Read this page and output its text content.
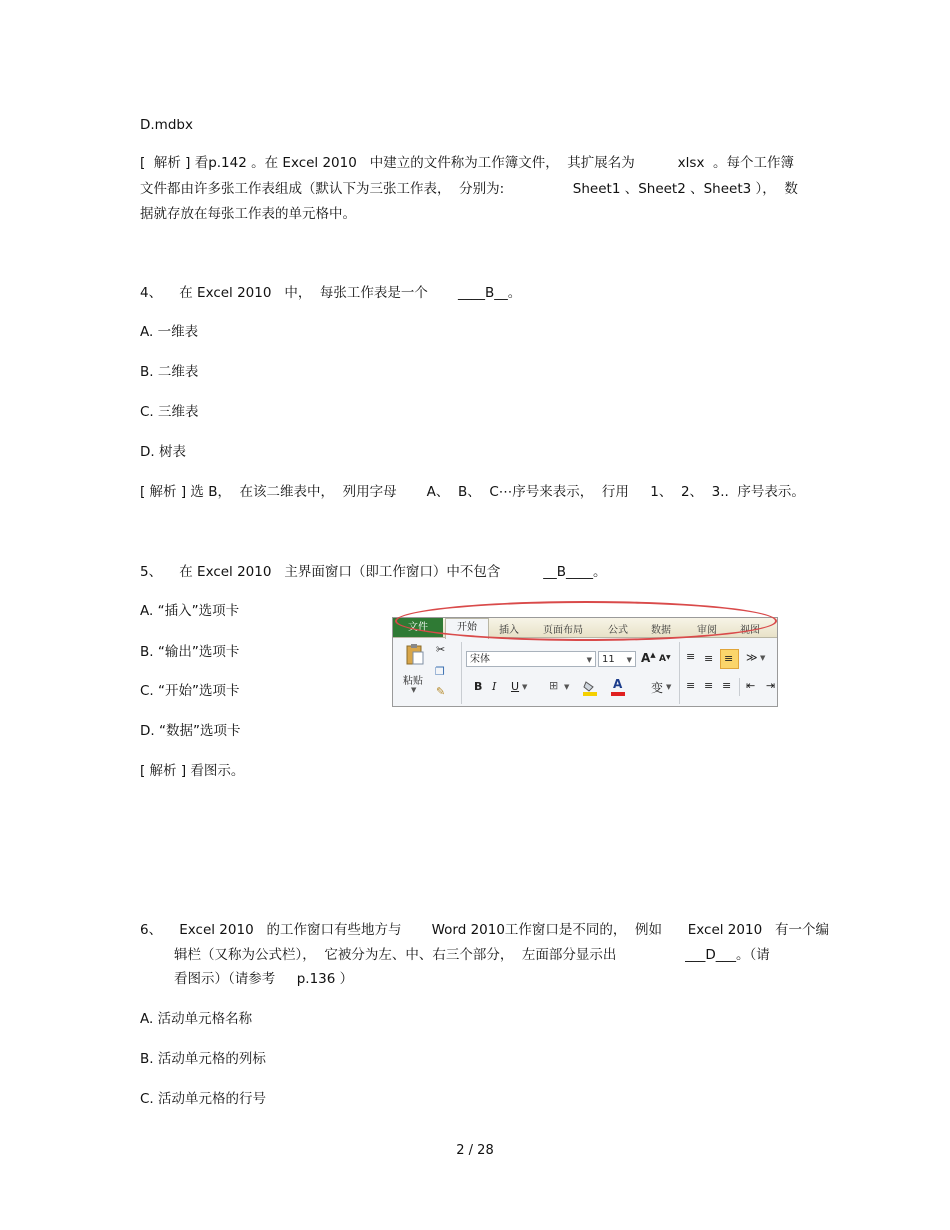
D.mdbx
[  解析 ] 看p.142 。在 Excel 2010   中建立的文件称为工作簿文件，  其扩展名为          xlsx  。每个工作簿
文件都由许多张工作表组成（默认下为三张工作表，  分别为:                Sheet1 、Sheet2 、Sheet3 ），  数
据就存放在每张工作表的单元格中。
4、    在 Excel 2010   中，  每张工作表是一个       ____B__。
A. 一维表
B. 二维表
C. 三维表
D. 树表
[ 解析 ] 选 B，  在该二维表中，  列用字母       A、  B、  C⋯序号来表示，  行用     1、  2、  3..  序号表示。
5、    在 Excel 2010   主界面窗口（即工作窗口）中不包含          __B____。
A. “插入”选项卡
B. “输出”选项卡
C. “开始”选项卡
D. “数据”选项卡
[ 解析 ] 看图示。
6、    Excel 2010   的工作窗口有些地方与       Word 2010工作窗口是不同的，  例如      Excel 2010   有一个编
辑栏（又称为公式栏），  它被分为左、中、右三个部分，  左面部分显示出                ___D___。（请
看图示）（请参考     p.136 ）
A. 活动单元格名称
B. 活动单元格的列标
C. 活动单元格的行号
文件	开始	插入 页面布局	公式 数据	审阅 视图
粘贴
▼
✂
❐
✎
宋体	▼	11 ▼ A▲ A▼
B I U ▼ ⊞ ▼	A 变 ▼
≡ ≡ ≡ ≫ ▼
≡ ≡ ≡ ⇤ ⇥
2 / 28
